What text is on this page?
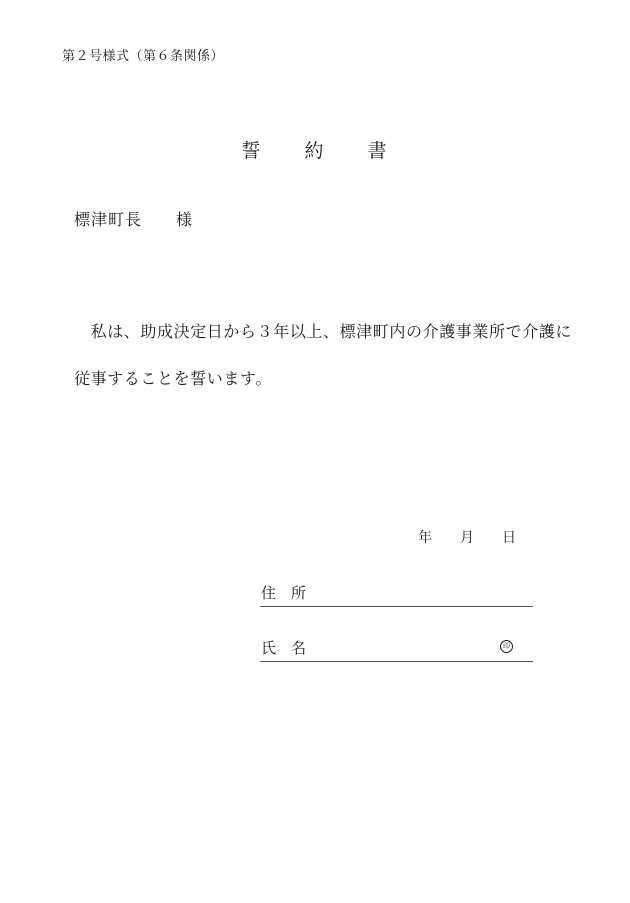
第２号様式（第６条関係）
誓　　約　　書
標津町長　　様
　私は、助成決定日から３年以上、標津町内の介護事業所で介護に
従事することを誓います。
年　　月　　日
住　所
氏　名	印
